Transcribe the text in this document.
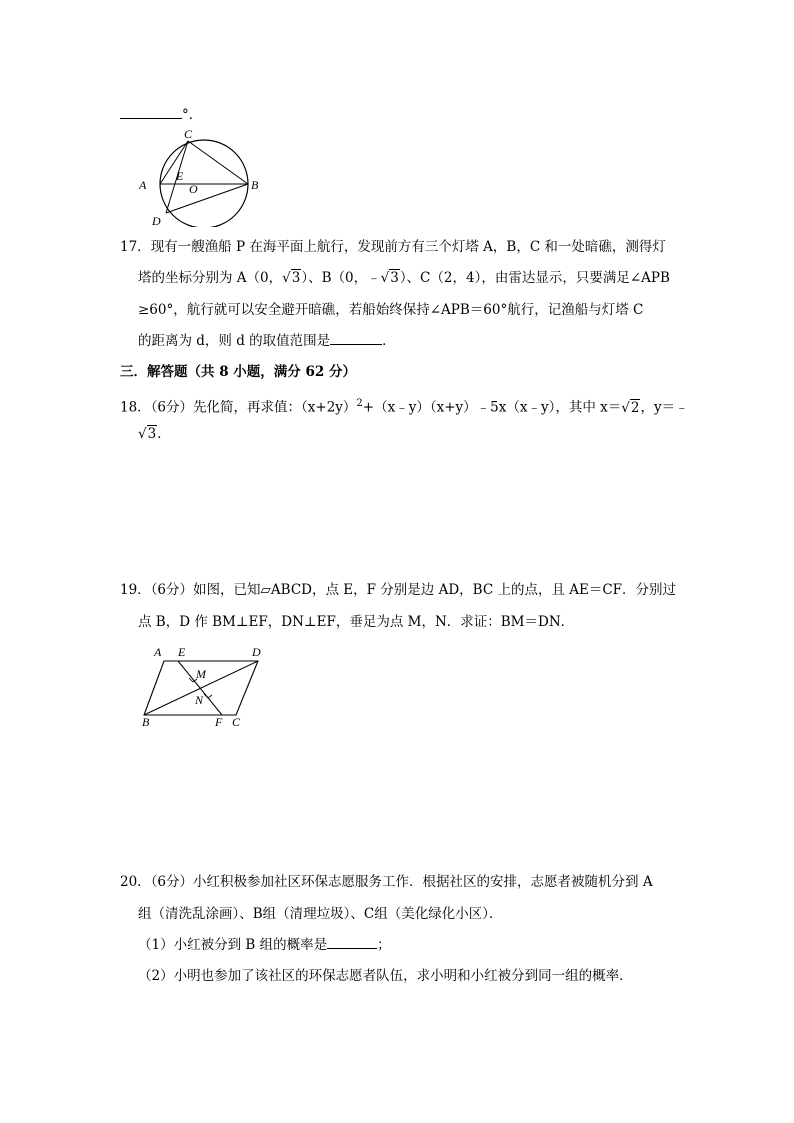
°．
C
A
E
O	B
D
17．现有一艘渔船 P 在海平面上航行，发现前方有三个灯塔 A，B，C 和一处暗礁，测得灯
塔的坐标分别为 A（0，√3）、B（0，﹣√3）、C（2，4），由雷达显示，只要满足∠APB
≥60°，航行就可以安全避开暗礁，若船始终保持∠APB＝60°航行，记渔船与灯塔 C
的距离为 d，则 d 的取值范围是	．
三．解答题（共 8 小题，满分 62 分）
18．（6分）先化简，再求值：$(x+2y)^2+(x﹣y)(x+y)﹣5x(x﹣y)$，其中 x＝√2，y＝﹣
√3．
19．（6分）如图，已知▱ABCD，点 E，F 分别是边 AD，BC 上的点，且 AE＝CF．分别过
点 B，D 作 BM⊥EF，DN⊥EF，垂足为点 M，N．求证：BM＝DN．
A E	D
M
N
B	F C
20．（6分）小红积极参加社区环保志愿服务工作．根据社区的安排，志愿者被随机分到 A
组（清洗乱涂画）、B组（清理垃圾）、C组（美化绿化小区）．
（1）小红被分到 B 组的概率是	；
（2）小明也参加了该社区的环保志愿者队伍，求小明和小红被分到同一组的概率．
